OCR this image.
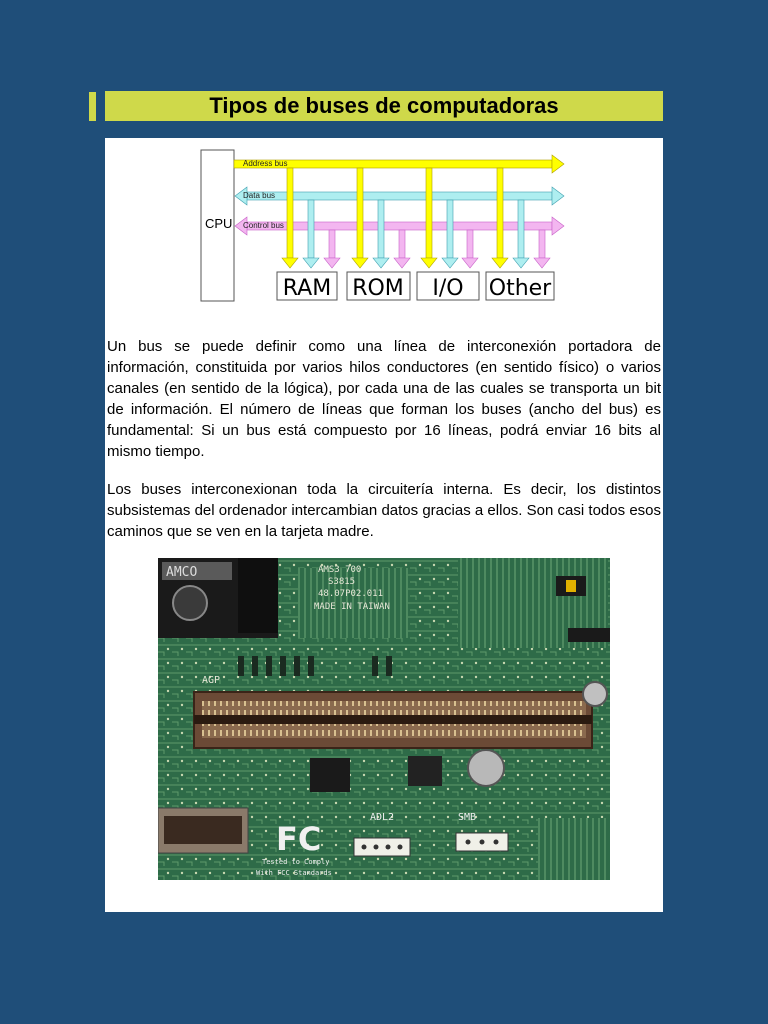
Tipos de buses de computadoras
CPU Control bus
Data bus
Address bus
RAM ROM I/O Other

Un bus se puede definir como una línea de interconexión portadora de información, constituida por varios hilos conductores (en sentido físico) o varios canales (en sentido de la lógica), por cada una de las cuales se transporta un bit de información. El número de líneas que forman los buses (ancho del bus) es fundamental: Si un bus está compuesto por 16 líneas, podrá enviar 16 bits al mismo tiempo.

Los buses interconexionan toda la circuitería interna. Es decir, los distintos subsistemas del ordenador intercambian datos gracias a ellos. Son casi todos esos caminos que se ven en la tarjeta madre.

AMCO	AMS3 700
S3815
48.07P02.011
MADE IN TAIWAN
AGP
FC
Tested to Comply
With FCC Standards
ADL2	SMB
